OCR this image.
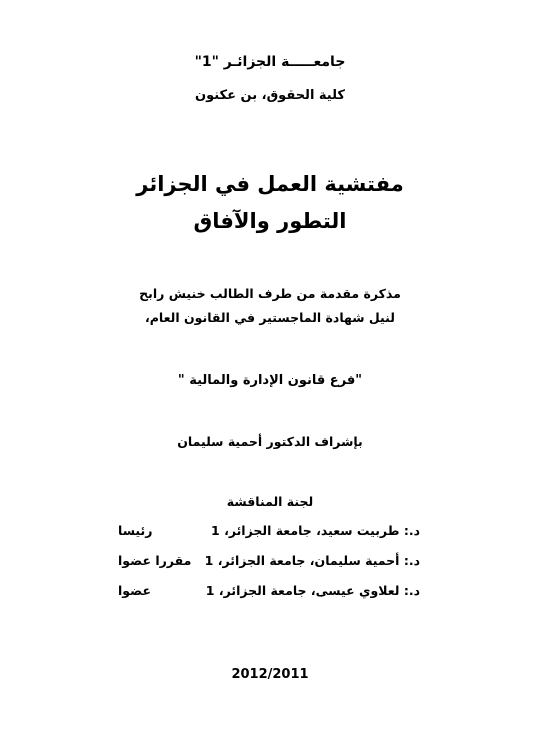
جامعـــــة الجزائـر "1"
كلية الحقوق، بن عكنون
مفتشية العمل في الجزائر
التطور والآفاق
مذكرة مقدمة من طرف الطالب خنيش رابح
لنيل شهادة الماجستير في القانون العام،
"فرع قانون الإدارة والمالية "
بإشراف الدكتور أحمية سليمان
لجنة المناقشة
د.: طربيت سعيد، جامعة الجزائر، 1
رئيسا
د.: أحمية سليمان، جامعة الجزائر، 1
مقررا عضوا
د.: لعلاوي عيسى، جامعة الجزائر، 1
عضوا
2012/2011
